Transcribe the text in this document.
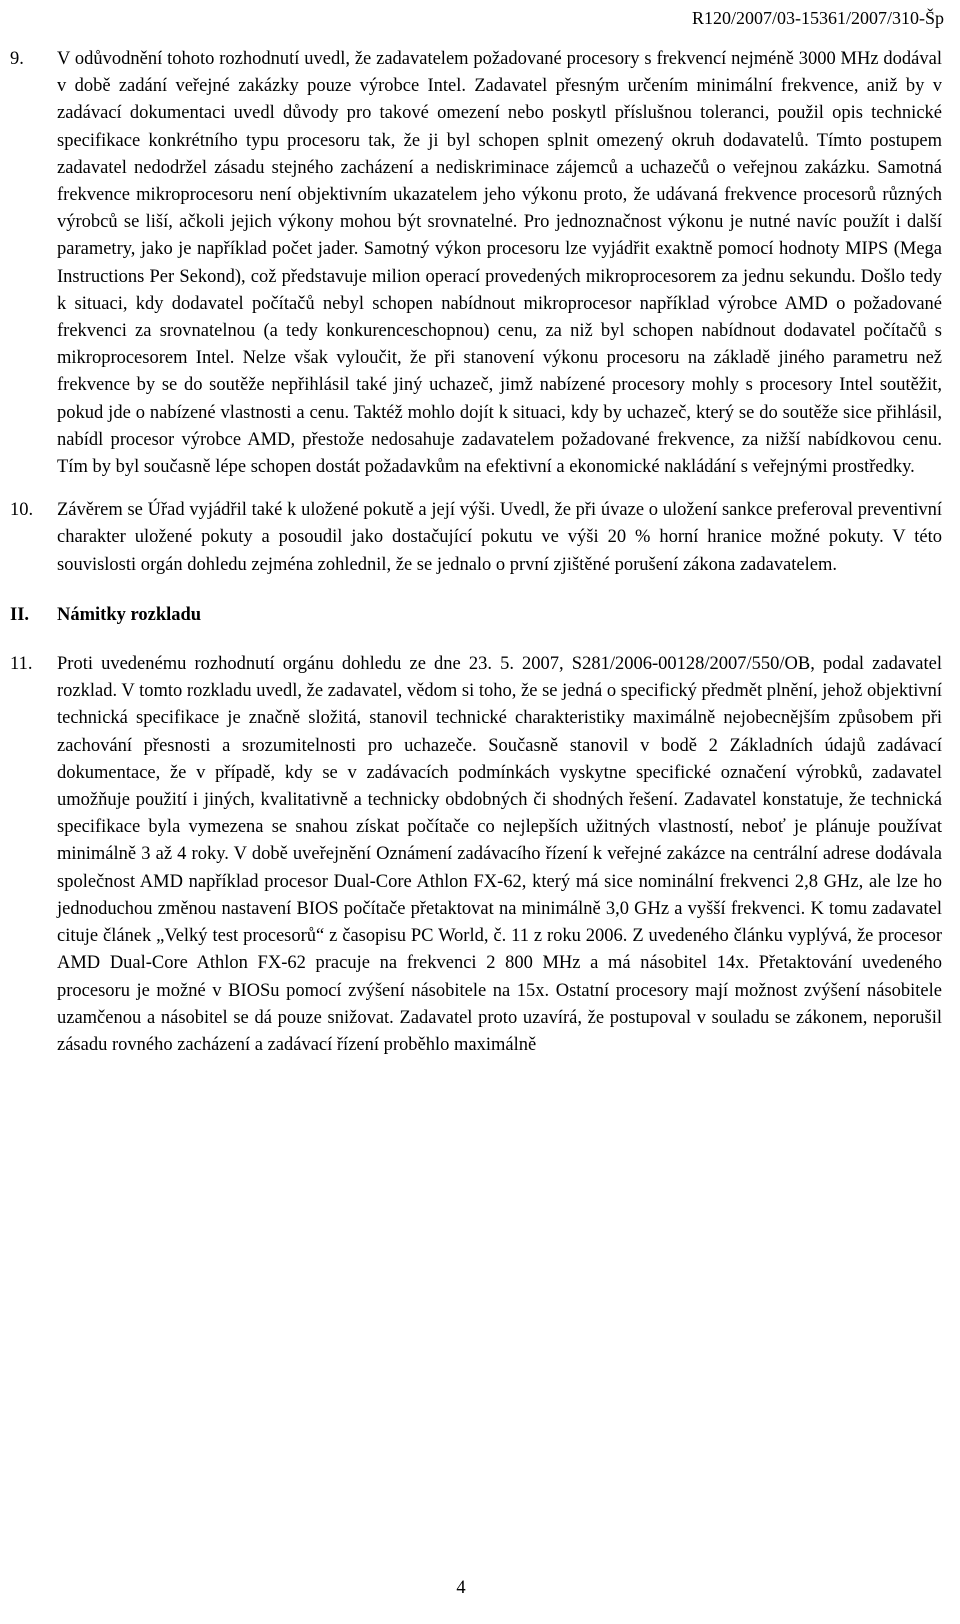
R120/2007/03-15361/2007/310-Šp
9.	V odůvodnění tohoto rozhodnutí uvedl, že zadavatelem požadované procesory s frekvencí nejméně 3000 MHz dodával v době zadání veřejné zakázky pouze výrobce Intel. Zadavatel přesným určením minimální frekvence, aniž by v zadávací dokumentaci uvedl důvody pro takové omezení nebo poskytl příslušnou toleranci, použil opis technické specifikace konkrétního typu procesoru tak, že ji byl schopen splnit omezený okruh dodavatelů. Tímto postupem zadavatel nedodržel zásadu stejného zacházení a nediskriminace zájemců a uchazečů o veřejnou zakázku. Samotná frekvence mikroprocesoru není objektivním ukazatelem jeho výkonu proto, že udávaná frekvence procesorů různých výrobců se liší, ačkoli jejich výkony mohou být srovnatelné. Pro jednoznačnost výkonu je nutné navíc použít i další parametry, jako je například počet jader. Samotný výkon procesoru lze vyjádřit exaktně pomocí hodnoty MIPS (Mega Instructions Per Sekond), což představuje milion operací provedených mikroprocesorem za jednu sekundu. Došlo tedy k situaci, kdy dodavatel počítačů nebyl schopen nabídnout mikroprocesor například výrobce AMD o požadované frekvenci za srovnatelnou (a tedy konkurenceschopnou) cenu, za niž byl schopen nabídnout dodavatel počítačů s mikroprocesorem Intel. Nelze však vyloučit, že při stanovení výkonu procesoru na základě jiného parametru než frekvence by se do soutěže nepřihlásil také jiný uchazeč, jimž nabízené procesory mohly s procesory Intel soutěžit, pokud jde o nabízené vlastnosti a cenu. Taktéž mohlo dojít k situaci, kdy by uchazeč, který se do soutěže sice přihlásil, nabídl procesor výrobce AMD, přestože nedosahuje zadavatelem požadované frekvence, za nižší nabídkovou cenu. Tím by byl současně lépe schopen dostát požadavkům na efektivní a ekonomické nakládání s veřejnými prostředky.

10.	Závěrem se Úřad vyjádřil také k uložené pokutě a její výši. Uvedl, že při úvaze o uložení sankce preferoval preventivní charakter uložené pokuty a posoudil jako dostačující pokutu ve výši 20 % horní hranice možné pokuty. V této souvislosti orgán dohledu zejména zohlednil, že se jednalo o první zjištěné porušení zákona zadavatelem.

II.	Námitky rozkladu
11.	Proti uvedenému rozhodnutí orgánu dohledu ze dne 23. 5. 2007, S281/2006-00128/2007/550/OB, podal zadavatel rozklad. V tomto rozkladu uvedl, že zadavatel, vědom si toho, že se jedná o specifický předmět plnění, jehož objektivní technická specifikace je značně složitá, stanovil technické charakteristiky maximálně nejobecnějším způsobem při zachování přesnosti a srozumitelnosti pro uchazeče. Současně stanovil v bodě 2 Základních údajů zadávací dokumentace, že v případě, kdy se v zadávacích podmínkách vyskytne specifické označení výrobků, zadavatel umožňuje použití i jiných, kvalitativně a technicky obdobných či shodných řešení. Zadavatel konstatuje, že technická specifikace byla vymezena se snahou získat počítače co nejlepších užitných vlastností, neboť je plánuje používat minimálně 3 až 4 roky. V době uveřejnění Oznámení zadávacího řízení k veřejné zakázce na centrální adrese dodávala společnost AMD například procesor Dual-Core Athlon FX-62, který má sice nominální frekvenci 2,8 GHz, ale lze ho jednoduchou změnou nastavení BIOS počítače přetaktovat na minimálně 3,0 GHz a vyšší frekvenci. K tomu zadavatel cituje článek „Velký test procesorů“ z časopisu PC World, č. 11 z roku 2006. Z uvedeného článku vyplývá, že procesor AMD Dual-Core Athlon FX-62 pracuje na frekvenci 2 800 MHz a má násobitel 14x. Přetaktování uvedeného procesoru je možné v BIOSu pomocí zvýšení násobitele na 15x. Ostatní procesory mají možnost zvýšení násobitele uzamčenou a násobitel se dá pouze snižovat. Zadavatel proto uzavírá, že postupoval v souladu se zákonem, neporušil zásadu rovného zacházení a zadávací řízení proběhlo maximálně

4
